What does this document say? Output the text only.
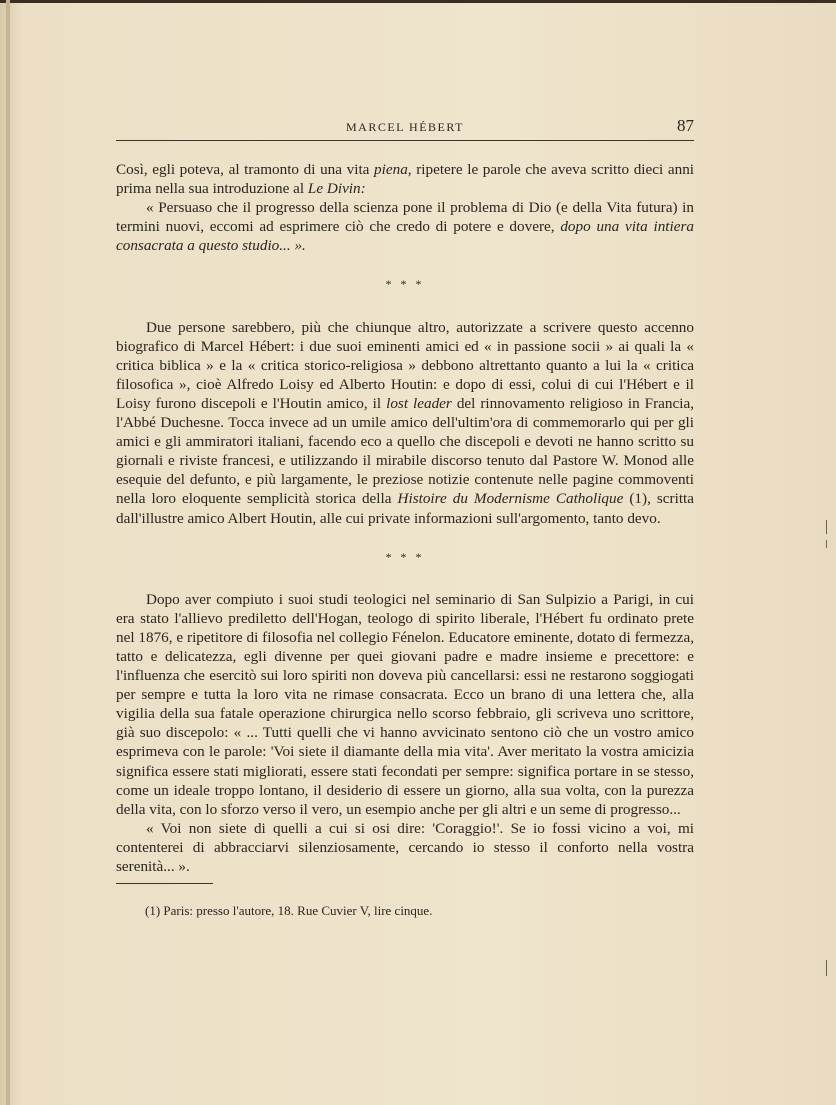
MARCEL HÉBERT	87

Così, egli poteva, al tramonto di una vita piena, ripetere le parole che aveva scritto dieci anni prima nella sua introduzione al Le Divin:

« Persuaso che il progresso della scienza pone il problema di Dio (e della Vita futura) in termini nuovi, eccomi ad esprimere ciò che credo di potere e dovere, dopo una vita intiera consacrata a questo studio... ».

* * *

Due persone sarebbero, più che chiunque altro, autorizzate a scrivere questo accenno biografico di Marcel Hébert: i due suoi eminenti amici ed « in passione socii » ai quali la « critica biblica » e la « critica storico-religiosa » debbono altrettanto quanto a lui la « critica filosofica », cioè Alfredo Loisy ed Alberto Houtin: e dopo di essi, colui di cui l'Hébert e il Loisy furono discepoli e l'Houtin amico, il lost leader del rinnovamento religioso in Francia, l'Abbé Duchesne. Tocca invece ad un umile amico dell'ultim'ora di commemorarlo qui per gli amici e gli ammiratori italiani, facendo eco a quello che discepoli e devoti ne hanno scritto su giornali e riviste francesi, e utilizzando il mirabile discorso tenuto dal Pastore W. Monod alle esequie del defunto, e più largamente, le preziose notizie contenute nelle pagine commoventi nella loro eloquente semplicità storica della Histoire du Modernisme Catholique (1), scritta dall'illustre amico Albert Houtin, alle cui private informazioni sull'argomento, tanto devo.

* * *

Dopo aver compiuto i suoi studi teologici nel seminario di San Sulpizio a Parigi, in cui era stato l'allievo prediletto dell'Hogan, teologo di spirito liberale, l'Hébert fu ordinato prete nel 1876, e ripetitore di filosofia nel collegio Fénelon. Educatore eminente, dotato di fermezza, tatto e delicatezza, egli divenne per quei giovani padre e madre insieme e precettore: e l'influenza che esercitò sui loro spiriti non doveva più cancellarsi: essi ne restarono soggiogati per sempre e tutta la loro vita ne rimase consacrata. Ecco un brano di una lettera che, alla vigilia della sua fatale operazione chirurgica nello scorso febbraio, gli scriveva uno scrittore, già suo discepolo: « ... Tutti quelli che vi hanno avvicinato sentono ciò che un vostro amico esprimeva con le parole: 'Voi siete il diamante della mia vita'. Aver meritato la vostra amicizia significa essere stati migliorati, essere stati fecondati per sempre: significa portare in se stesso, come un ideale troppo lontano, il desiderio di essere un giorno, alla sua volta, con la purezza della vita, con lo sforzo verso il vero, un esempio anche per gli altri e un seme di progresso...

« Voi non siete di quelli a cui si osi dire: 'Coraggio!'. Se io fossi vicino a voi, mi contenterei di abbracciarvi silenziosamente, cercando io stesso il conforto nella vostra serenità... ».

(1) Paris: presso l'autore, 18. Rue Cuvier V, lire cinque.
